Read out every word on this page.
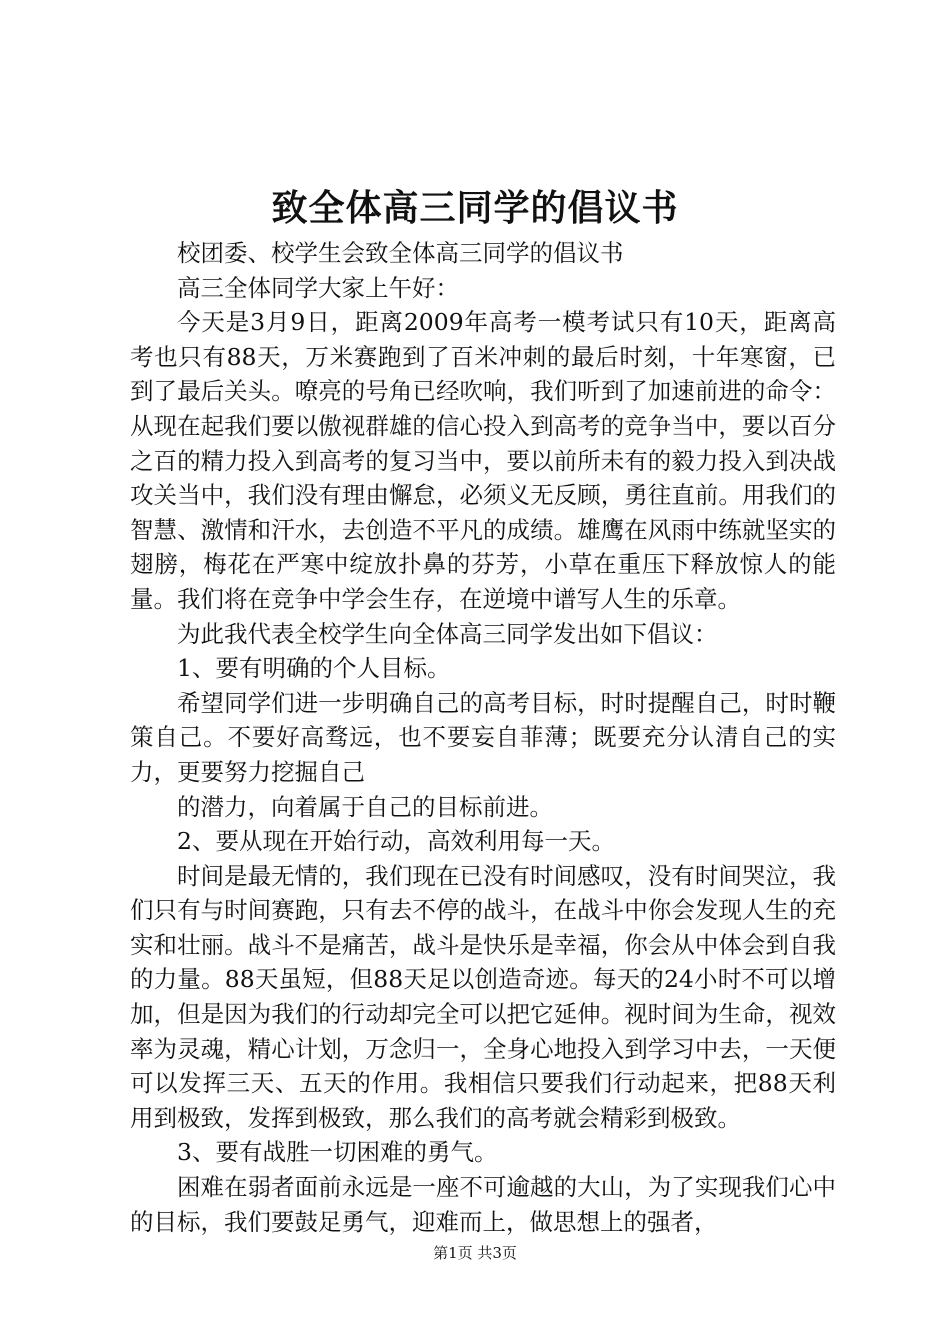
致全体高三同学的倡议书

校团委、校学生会致全体高三同学的倡议书

高三全体同学大家上午好：

今天是3月9日，距离2009年高考一模考试只有10天，距离高考也只有88天，万米赛跑到了百米冲刺的最后时刻，十年寒窗，已到了最后关头。嘹亮的号角已经吹响，我们听到了加速前进的命令：从现在起我们要以傲视群雄的信心投入到高考的竞争当中，要以百分之百的精力投入到高考的复习当中，要以前所未有的毅力投入到决战攻关当中，我们没有理由懈怠，必须义无反顾，勇往直前。用我们的智慧、激情和汗水，去创造不平凡的成绩。雄鹰在风雨中练就坚实的翅膀，梅花在严寒中绽放扑鼻的芬芳，小草在重压下释放惊人的能量。我们将在竞争中学会生存，在逆境中谱写人生的乐章。

为此我代表全校学生向全体高三同学发出如下倡议：

1、要有明确的个人目标。

希望同学们进一步明确自己的高考目标，时时提醒自己，时时鞭策自己。不要好高骛远，也不要妄自菲薄；既要充分认清自己的实力，更要努力挖掘自己

的潜力，向着属于自己的目标前进。

2、要从现在开始行动，高效利用每一天。

时间是最无情的，我们现在已没有时间感叹，没有时间哭泣，我们只有与时间赛跑，只有去不停的战斗，在战斗中你会发现人生的充实和壮丽。战斗不是痛苦，战斗是快乐是幸福，你会从中体会到自我的力量。88天虽短，但88天足以创造奇迹。每天的24小时不可以增加，但是因为我们的行动却完全可以把它延伸。视时间为生命，视效率为灵魂，精心计划，万念归一，全身心地投入到学习中去，一天便可以发挥三天、五天的作用。我相信只要我们行动起来，把88天利用到极致，发挥到极致，那么我们的高考就会精彩到极致。

3、要有战胜一切困难的勇气。

困难在弱者面前永远是一座不可逾越的大山，为了实现我们心中的目标，我们要鼓足勇气，迎难而上，做思想上的强者，

第1页 共3页
